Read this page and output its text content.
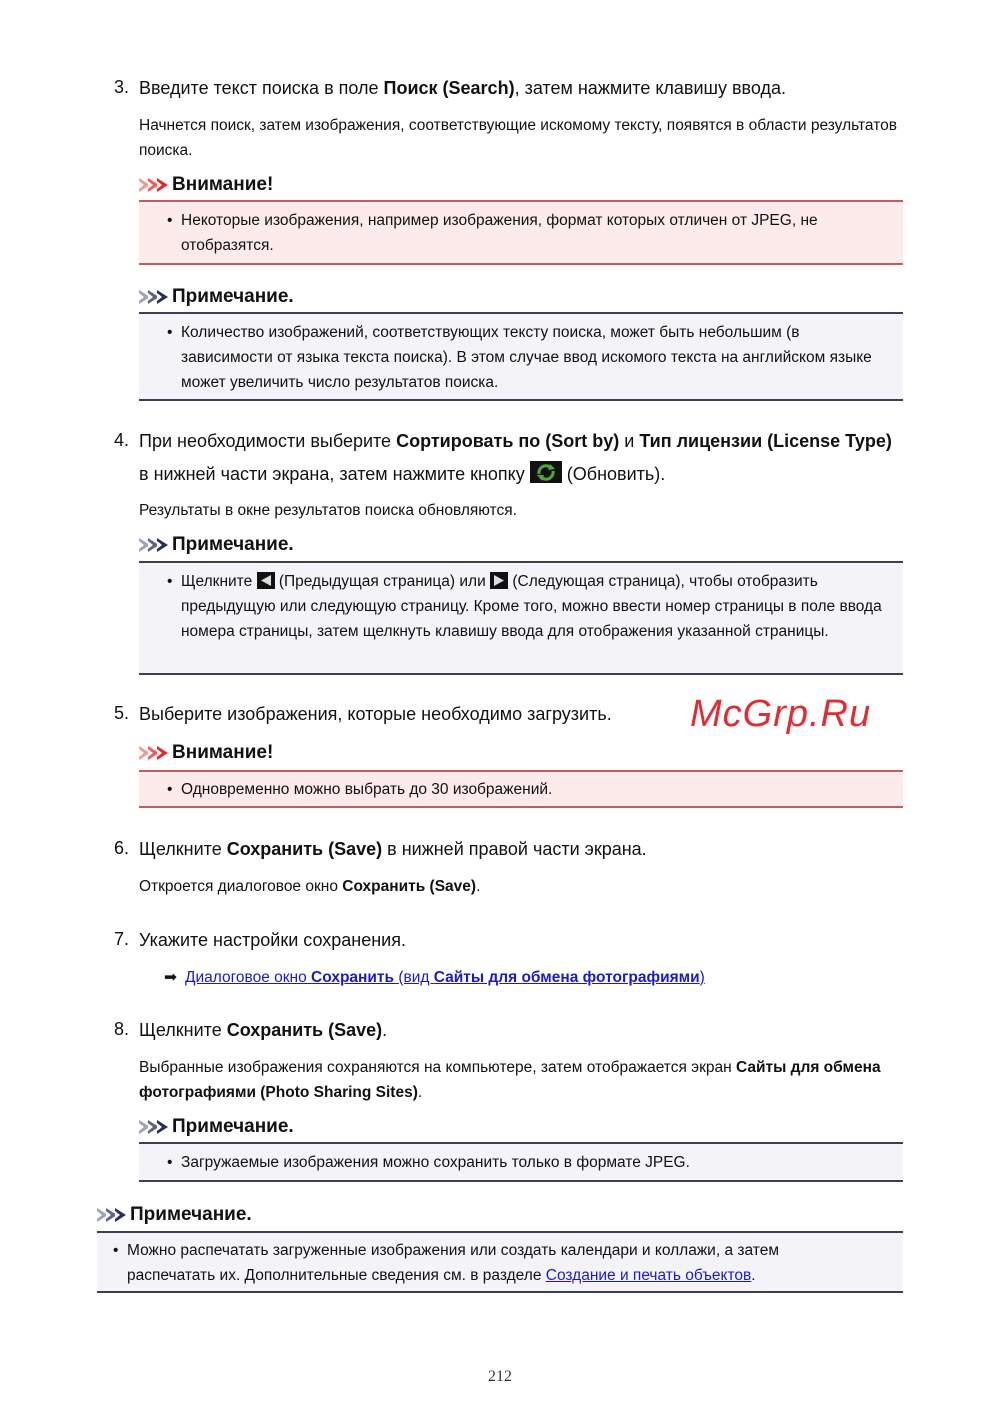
3. Введите текст поиска в поле Поиск (Search), затем нажмите клавишу ввода.
Начнется поиск, затем изображения, соответствующие искомому тексту, появятся в области результатов поиска.
Внимание!
• Некоторые изображения, например изображения, формат которых отличен от JPEG, не отобразятся.
Примечание.
• Количество изображений, соответствующих тексту поиска, может быть небольшим (в зависимости от языка текста поиска). В этом случае ввод искомого текста на английском языке может увеличить число результатов поиска.
4. При необходимости выберите Сортировать по (Sort by) и Тип лицензии (License Type) в нижней части экрана, затем нажмите кнопку  (Обновить).
Результаты в окне результатов поиска обновляются.
Примечание.
• Щелкните  (Предыдущая страница) или  (Следующая страница), чтобы отобразить предыдущую или следующую страницу. Кроме того, можно ввести номер страницы в поле ввода номера страницы, затем щелкнуть клавишу ввода для отображения указанной страницы.
5. Выберите изображения, которые необходимо загрузить. McGrp.Ru
Внимание!
• Одновременно можно выбрать до 30 изображений.
6. Щелкните Сохранить (Save) в нижней правой части экрана.
Откроется диалоговое окно Сохранить (Save).
7. Укажите настройки сохранения.
➡ Диалоговое окно Сохранить (вид Сайты для обмена фотографиями)
8. Щелкните Сохранить (Save).
Выбранные изображения сохраняются на компьютере, затем отображается экран Сайты для обмена фотографиями (Photo Sharing Sites).
Примечание.
• Загружаемые изображения можно сохранить только в формате JPEG.
Примечание.
• Можно распечатать загруженные изображения или создать календари и коллажи, а затем распечатать их. Дополнительные сведения см. в разделе Создание и печать объектов.
212
